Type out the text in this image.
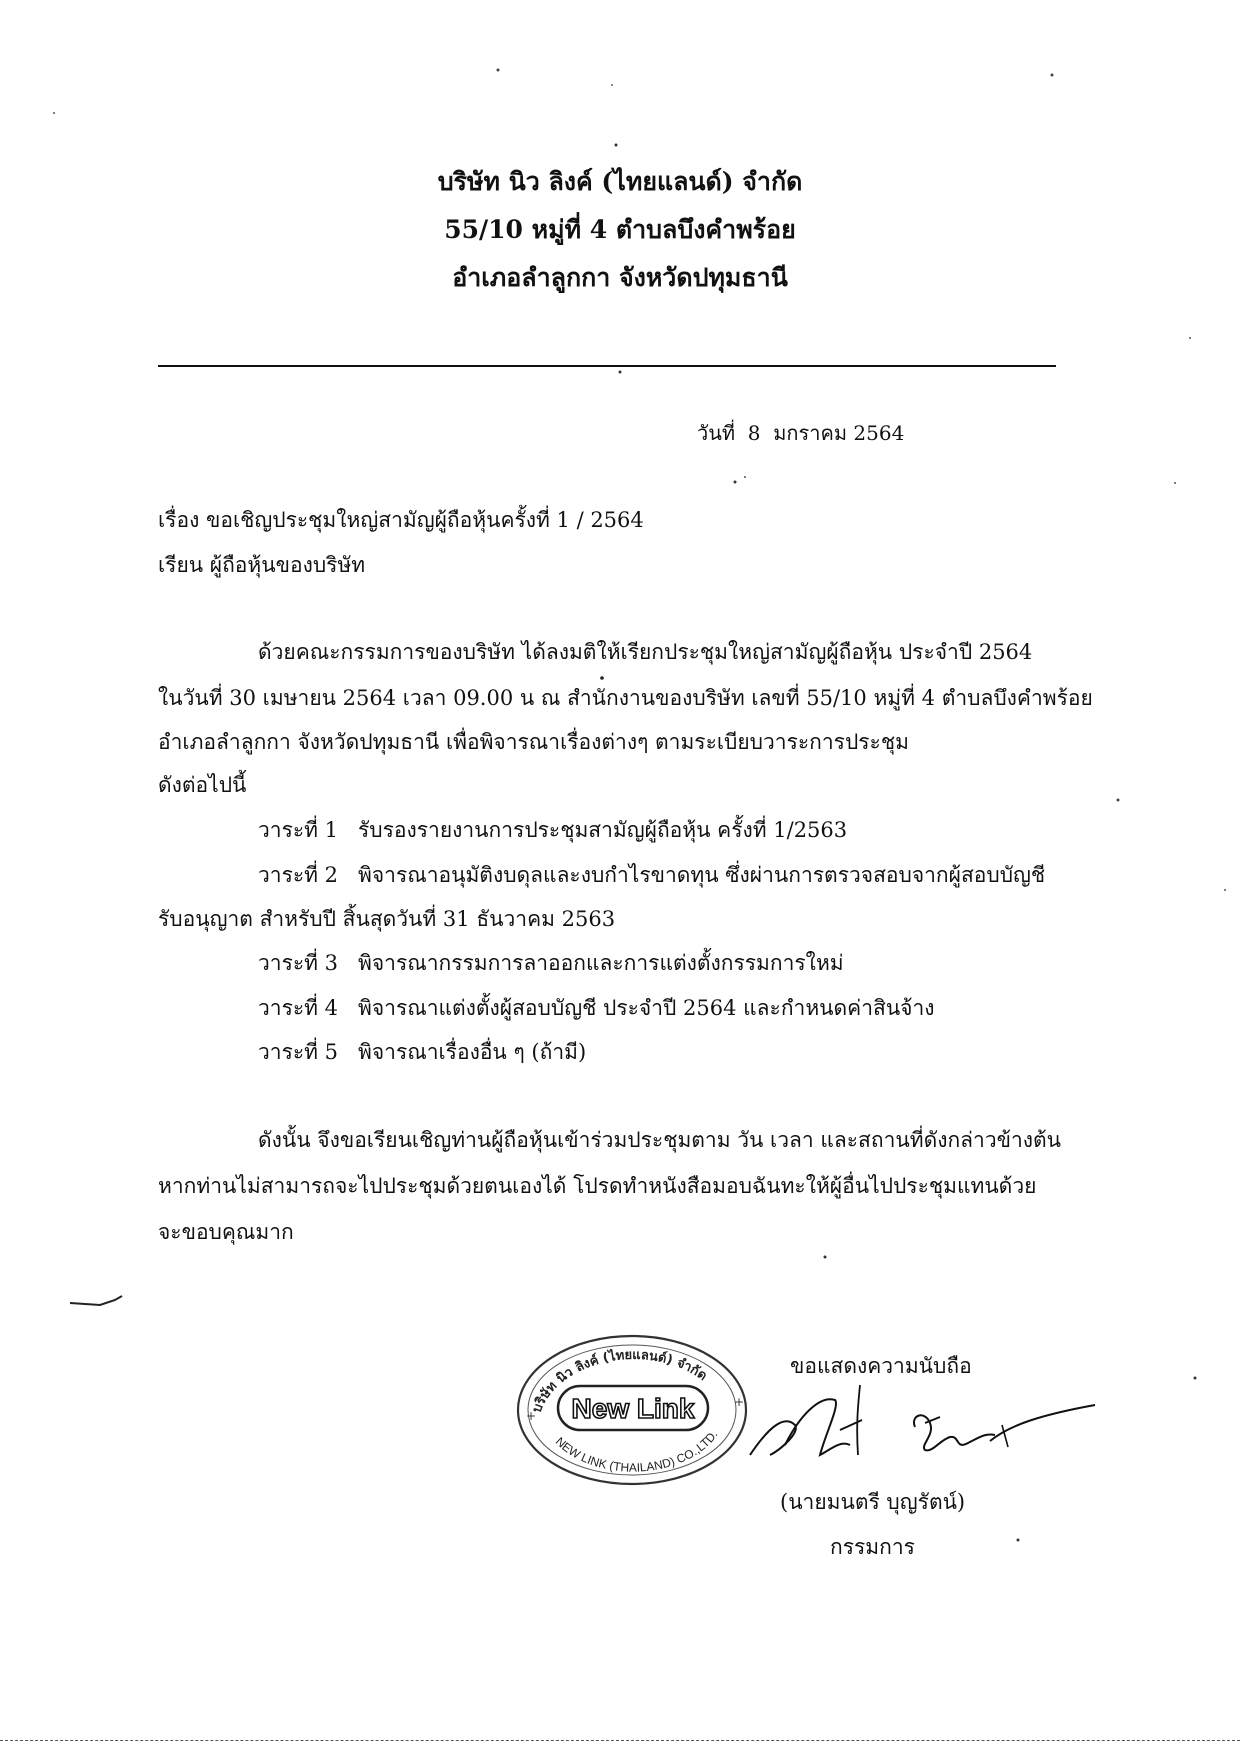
บริษัท นิว ลิงค์ (ไทยแลนด์) จำกัด
55/10 หมู่ที่ 4 ตำบลบึงคำพร้อย
อำเภอลำลูกกา จังหวัดปทุมธานี
วันที่  8  มกราคม 2564
เรื่อง ขอเชิญประชุมใหญ่สามัญผู้ถือหุ้นครั้งที่ 1 / 2564
เรียน ผู้ถือหุ้นของบริษัท
ด้วยคณะกรรมการของบริษัท ได้ลงมติให้เรียกประชุมใหญ่สามัญผู้ถือหุ้น ประจำปี 2564
ในวันที่ 30 เมษายน 2564 เวลา 09.00 น ณ สำนักงานของบริษัท เลขที่ 55/10 หมู่ที่ 4 ตำบลบึงคำพร้อย
อำเภอลำลูกกา จังหวัดปทุมธานี เพื่อพิจารณาเรื่องต่างๆ ตามระเบียบวาระการประชุม
ดังต่อไปนี้
วาระที่ 1 รับรองรายงานการประชุมสามัญผู้ถือหุ้น ครั้งที่ 1/2563
วาระที่ 2 พิจารณาอนุมัติงบดุลและงบกำไรขาดทุน ซึ่งผ่านการตรวจสอบจากผู้สอบบัญชี
รับอนุญาต สำหรับปี สิ้นสุดวันที่ 31 ธันวาคม 2563
วาระที่ 3 พิจารณากรรมการลาออกและการแต่งตั้งกรรมการใหม่
วาระที่ 4 พิจารณาแต่งตั้งผู้สอบบัญชี ประจำปี 2564 และกำหนดค่าสินจ้าง
วาระที่ 5 พิจารณาเรื่องอื่น ๆ (ถ้ามี)
ดังนั้น จึงขอเรียนเชิญท่านผู้ถือหุ้นเข้าร่วมประชุมตาม วัน เวลา และสถานที่ดังกล่าวข้างต้น
หากท่านไม่สามารถจะไปประชุมด้วยตนเองได้ โปรดทำหนังสือมอบฉันทะให้ผู้อื่นไปประชุมแทนด้วย
จะขอบคุณมาก
New Link
บริษัท นิว ลิงค์ (ไทยแลนด์) จำกัด
NEW LINK (THAILAND) CO.,LTD.
+
+
ขอแสดงความนับถือ
(นายมนตรี บุญรัตน์)
กรรมการ
